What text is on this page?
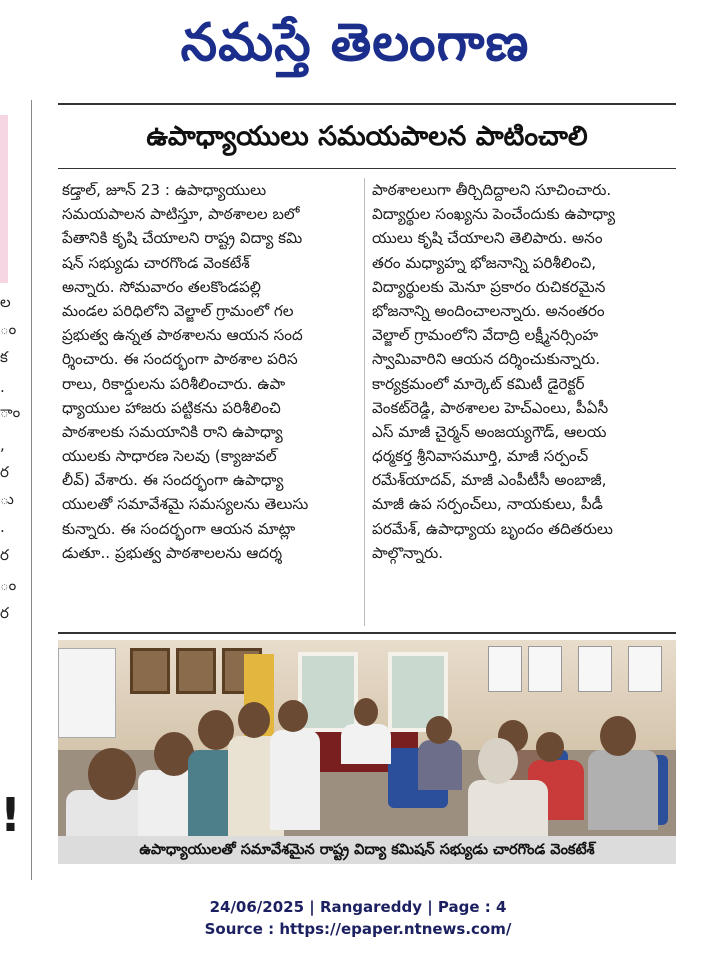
నమస్తే తెలంగాణ
ల
ం
క
.
ాం
,
ర
ు
.
ర
ం
ర
!
ఉపాధ్యాయులు సమయపాలన పాటించాలి
కడ్తాల్, జూన్ 23 : ఉపాధ్యాయులు
సమయపాలన పాటిస్తూ, పాఠశాలల బలో
పేతానికి కృషి చేయాలని రాష్ట్ర విద్యా కమి
షన్ సభ్యుడు చారగొండ వెంకటేశ్
అన్నారు. సోమవారం తలకొండపల్లి
మండల పరిధిలోని వెల్జాల్ గ్రామంలో గల
ప్రభుత్వ ఉన్నత పాఠశాలను ఆయన సంద
ర్శించారు. ఈ సందర్భంగా పాఠశాల పరిస
రాలు, రికార్డులను పరిశీలించారు. ఉపా
ధ్యాయుల హాజరు పట్టికను పరిశీలించి
పాఠశాలకు సమయానికి రాని ఉపాధ్యా
యులకు సాధారణ సెలవు (క్యాజువల్
లీవ్) వేశారు. ఈ సందర్భంగా ఉపాధ్యా
యులతో సమావేశమై సమస్యలను తెలుసు
కున్నారు. ఈ సందర్భంగా ఆయన మాట్లా
డుతూ.. ప్రభుత్వ పాఠశాలలను ఆదర్శ
పాఠశాలలుగా తీర్చిదిద్దాలని సూచించారు.
విద్యార్థుల సంఖ్యను పెంచేందుకు ఉపాధ్యా
యులు కృషి చేయాలని తెలిపారు. అనం
తరం మధ్యాహ్న భోజనాన్ని పరిశీలించి,
విద్యార్థులకు మెనూ ప్రకారం రుచికరమైన
భోజనాన్ని అందించాలన్నారు. అనంతరం
వెల్జాల్ గ్రామంలోని వేదాద్రి లక్ష్మీనర్సింహ
స్వామివారిని ఆయన దర్శించుకున్నారు.
కార్యక్రమంలో మార్కెట్ కమిటీ డైరెక్టర్
వెంకట్‌రెడ్డి, పాఠశాలల హెచ్‌ఎంలు, పీఏసీ
ఎస్ మాజీ చైర్మన్ అంజయ్యగౌడ్, ఆలయ
ధర్మకర్త శ్రీనివాసమూర్తి, మాజీ సర్పంచ్
రమేశ్‌యాదవ్, మాజీ ఎంపీటీసీ అంబాజీ,
మాజీ ఉప సర్పంచ్‌లు, నాయకులు, పీడీ
పరమేశ్, ఉపాధ్యాయ బృందం తదితరులు
పాల్గొన్నారు.
ఉపాధ్యాయులతో సమావేశమైన రాష్ట్ర విద్యా కమిషన్ సభ్యుడు చారగొండ వెంకటేశ్
24/06/2025 | Rangareddy | Page : 4
Source : https://epaper.ntnews.com/
